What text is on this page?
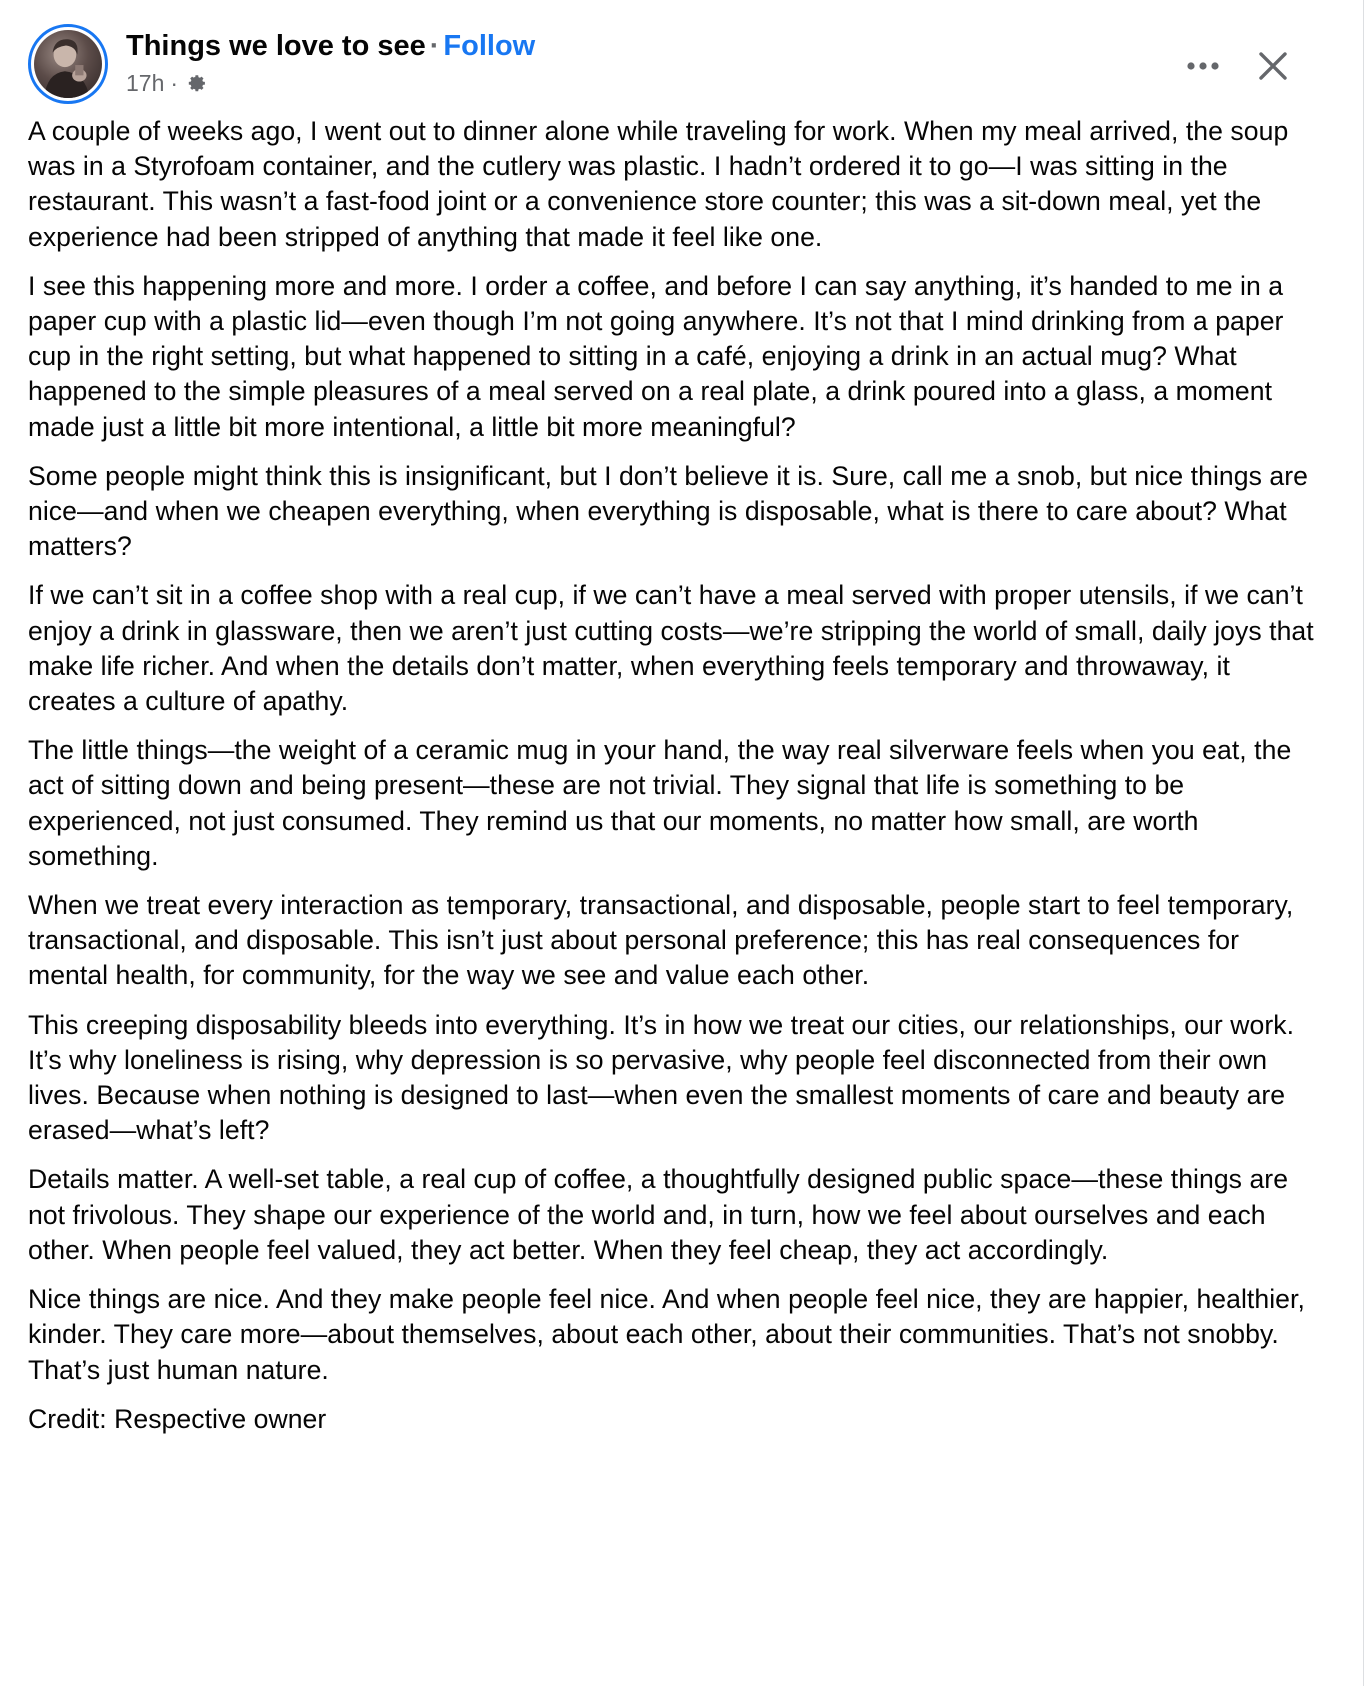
Things we love to see · Follow
17h ·

A couple of weeks ago, I went out to dinner alone while traveling for work. When my meal arrived, the soup was in a Styrofoam container, and the cutlery was plastic. I hadn’t ordered it to go—I was sitting in the restaurant. This wasn’t a fast-food joint or a convenience store counter; this was a sit-down meal, yet the experience had been stripped of anything that made it feel like one.

I see this happening more and more. I order a coffee, and before I can say anything, it’s handed to me in a paper cup with a plastic lid—even though I’m not going anywhere. It’s not that I mind drinking from a paper cup in the right setting, but what happened to sitting in a café, enjoying a drink in an actual mug? What happened to the simple pleasures of a meal served on a real plate, a drink poured into a glass, a moment made just a little bit more intentional, a little bit more meaningful?

Some people might think this is insignificant, but I don’t believe it is. Sure, call me a snob, but nice things are nice—and when we cheapen everything, when everything is disposable, what is there to care about? What matters?

If we can’t sit in a coffee shop with a real cup, if we can’t have a meal served with proper utensils, if we can’t enjoy a drink in glassware, then we aren’t just cutting costs—we’re stripping the world of small, daily joys that make life richer. And when the details don’t matter, when everything feels temporary and throwaway, it creates a culture of apathy.

The little things—the weight of a ceramic mug in your hand, the way real silverware feels when you eat, the act of sitting down and being present—these are not trivial. They signal that life is something to be experienced, not just consumed. They remind us that our moments, no matter how small, are worth something.

When we treat every interaction as temporary, transactional, and disposable, people start to feel temporary, transactional, and disposable. This isn’t just about personal preference; this has real consequences for mental health, for community, for the way we see and value each other.

This creeping disposability bleeds into everything. It’s in how we treat our cities, our relationships, our work. It’s why loneliness is rising, why depression is so pervasive, why people feel disconnected from their own lives. Because when nothing is designed to last—when even the smallest moments of care and beauty are erased—what’s left?

Details matter. A well-set table, a real cup of coffee, a thoughtfully designed public space—these things are not frivolous. They shape our experience of the world and, in turn, how we feel about ourselves and each other. When people feel valued, they act better. When they feel cheap, they act accordingly.

Nice things are nice. And they make people feel nice. And when people feel nice, they are happier, healthier, kinder. They care more—about themselves, about each other, about their communities. That’s not snobby. That’s just human nature.

Credit: Respective owner
